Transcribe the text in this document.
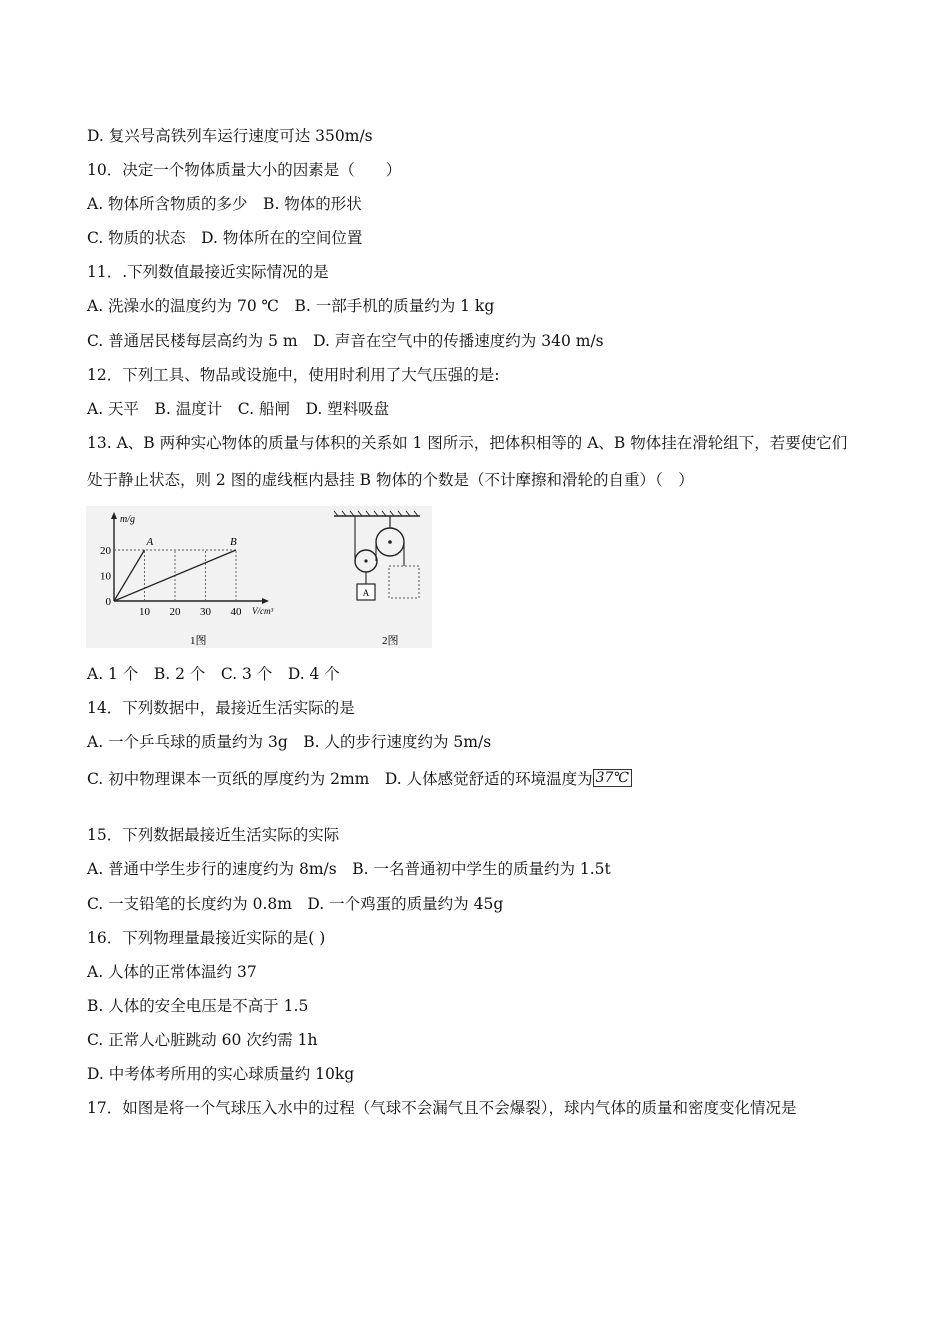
D. 复兴号高铁列车运行速度可达 350m/s
10．决定一个物体质量大小的因素是（　　）
A. 物体所含物质的多少　B. 物体的形状
C. 物质的状态　D. 物体所在的空间位置
11．.下列数值最接近实际情况的是
A. 洗澡水的温度约为 70 ℃　B. 一部手机的质量约为 1 kg
C. 普通居民楼每层高约为 5 m　D. 声音在空气中的传播速度约为 340 m/s
12．下列工具、物品或设施中，使用时利用了大气压强的是:
A. 天平　B. 温度计　C. 船闸　D. 塑料吸盘
13. A、B 两种实心物体的质量与体积的关系如 1 图所示，把体积相等的 A、B 物体挂在滑轮组下，若要使它们
处于静止状态，则 2 图的虚线框内悬挂 B 物体的个数是（不计摩擦和滑轮的自重）（　）
A	B
m/g
V/cm³
0
10
20
10 20 30 40
1图
A
2图
A. 1 个　B. 2 个　C. 3 个　D. 4 个
14．下列数据中，最接近生活实际的是
A. 一个乒乓球的质量约为 3g　B. 人的步行速度约为 5m/s
C. 初中物理课本一页纸的厚度约为 2mm　D. 人体感觉舒适的环境温度为 37℃
15．下列数据最接近生活实际的实际
A. 普通中学生步行的速度约为 8m/s　B. 一名普通初中学生的质量约为 1.5t
C. 一支铅笔的长度约为 0.8m　D. 一个鸡蛋的质量约为 45g
16．下列物理量最接近实际的是( )
A. 人体的正常体温约 37
B. 人体的安全电压是不高于 1.5
C. 正常人心脏跳动 60 次约需 1h
D. 中考体考所用的实心球质量约 10kg
17．如图是将一个气球压入水中的过程（气球不会漏气且不会爆裂），球内气体的质量和密度变化情况是
